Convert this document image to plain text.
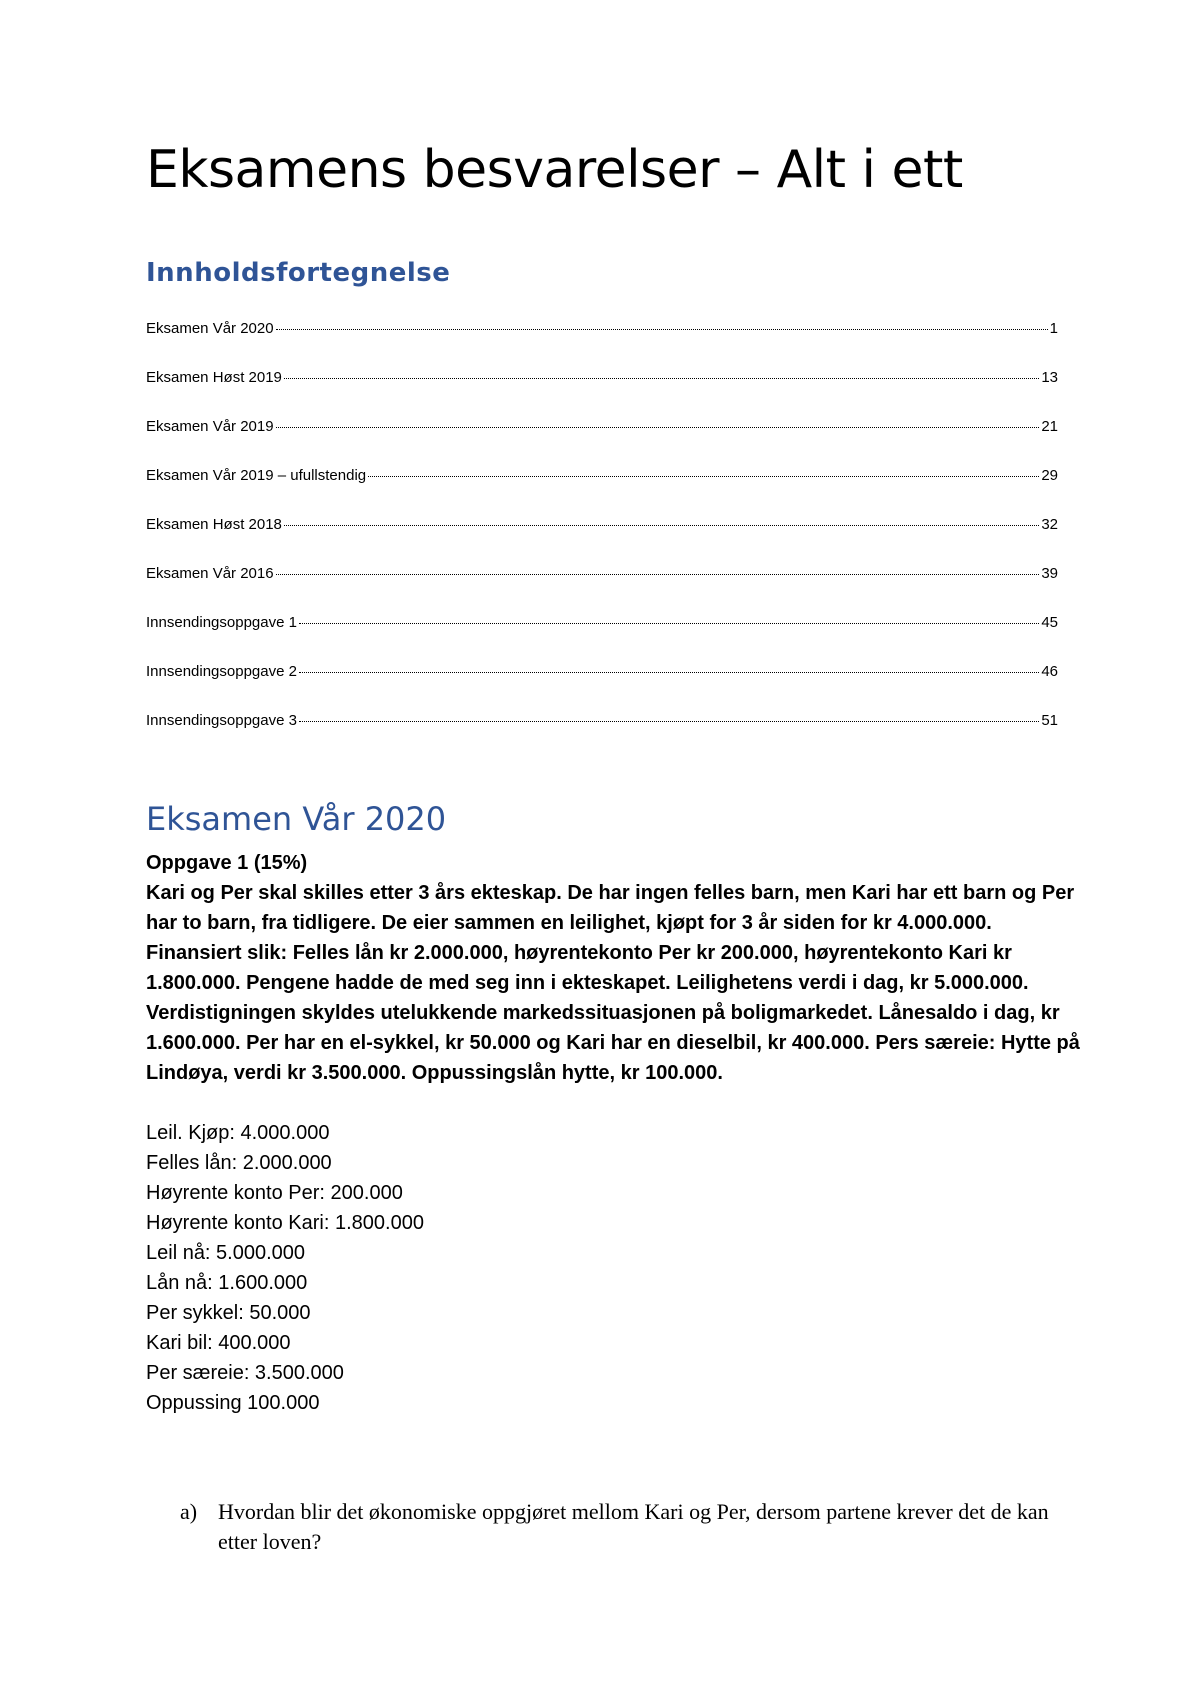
Eksamens besvarelser – Alt i ett
Innholdsfortegnelse
Eksamen Vår 2020	1
Eksamen Høst 2019	13
Eksamen Vår 2019	21
Eksamen Vår 2019 – ufullstendig	29
Eksamen Høst 2018	32
Eksamen Vår 2016	39
Innsendingsoppgave 1	45
Innsendingsoppgave 2	46
Innsendingsoppgave 3	51
Eksamen Vår 2020

Oppgave 1 (15%)

Kari og Per skal skilles etter 3 års ekteskap. De har ingen felles barn, men Kari har ett barn og Per har to barn, fra tidligere. De eier sammen en leilighet, kjøpt for 3 år siden for kr 4.000.000. Finansiert slik: Felles lån kr 2.000.000, høyrentekonto Per kr 200.000, høyrentekonto Kari kr 1.800.000. Pengene hadde de med seg inn i ekteskapet. Leilighetens verdi i dag, kr 5.000.000. Verdistigningen skyldes utelukkende markedssituasjonen på boligmarkedet. Lånesaldo i dag, kr 1.600.000. Per har en el-sykkel, kr 50.000 og Kari har en dieselbil, kr 400.000. Pers særeie: Hytte på Lindøya, verdi kr 3.500.000. Oppussingslån hytte, kr 100.000.

Leil. Kjøp: 4.000.000
Felles lån: 2.000.000
Høyrente konto Per: 200.000
Høyrente konto Kari: 1.800.000
Leil nå: 5.000.000
Lån nå: 1.600.000
Per sykkel: 50.000
Kari bil: 400.000
Per særeie: 3.500.000
Oppussing 100.000
a) Hvordan blir det økonomiske oppgjøret mellom Kari og Per, dersom partene krever det de kan etter loven?
